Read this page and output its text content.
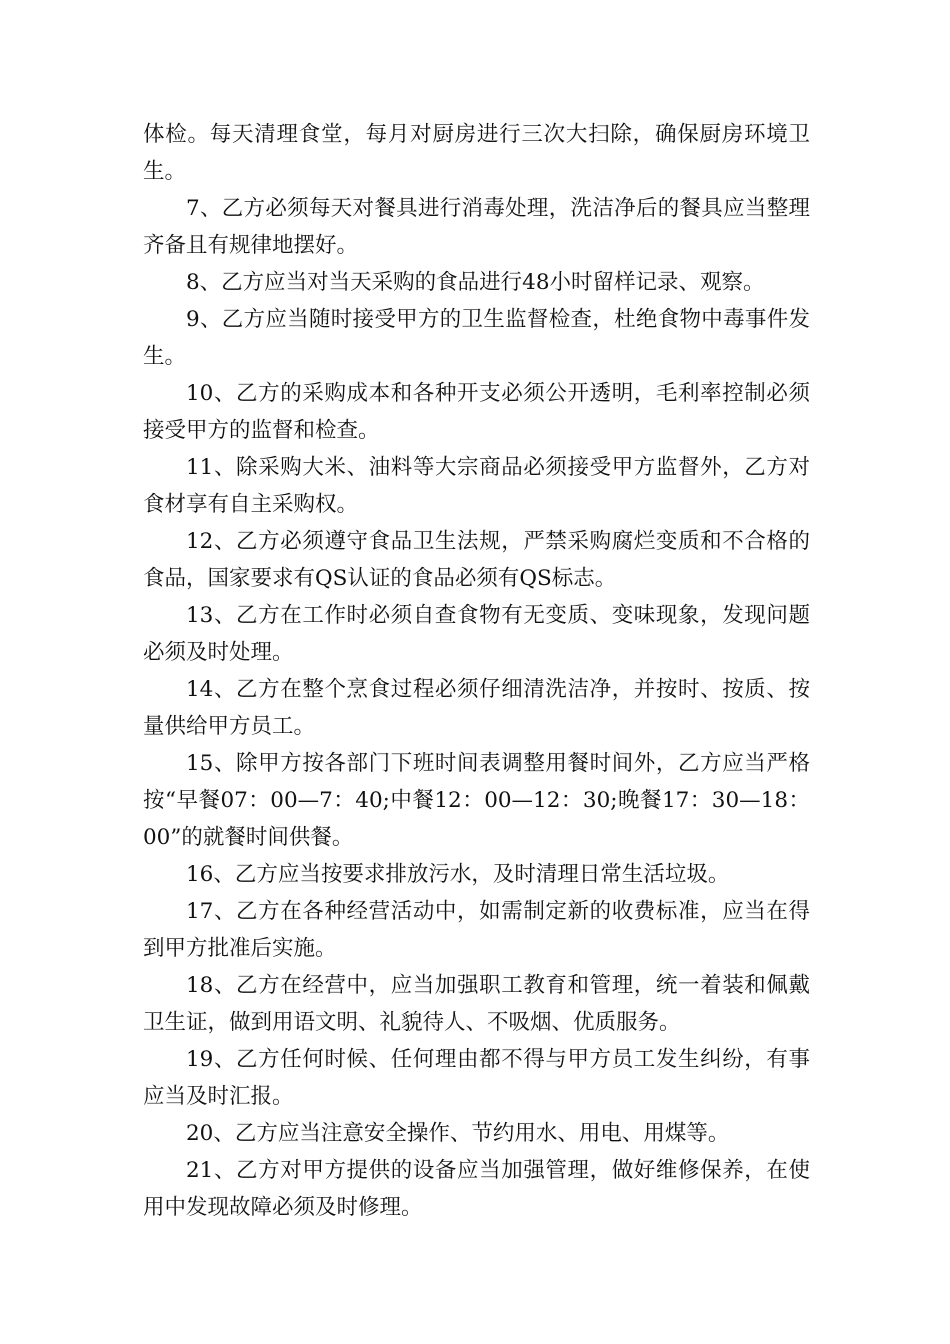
体检。每天清理食堂，每月对厨房进行三次大扫除，确保厨房环境卫生。

7、乙方必须每天对餐具进行消毒处理，洗洁净后的餐具应当整理齐备且有规律地摆好。

8、乙方应当对当天采购的食品进行48小时留样记录、观察。

9、乙方应当随时接受甲方的卫生监督检查，杜绝食物中毒事件发生。

10、乙方的采购成本和各种开支必须公开透明，毛利率控制必须接受甲方的监督和检查。

11、除采购大米、油料等大宗商品必须接受甲方监督外，乙方对食材享有自主采购权。

12、乙方必须遵守食品卫生法规，严禁采购腐烂变质和不合格的食品，国家要求有QS认证的食品必须有QS标志。

13、乙方在工作时必须自查食物有无变质、变味现象，发现问题必须及时处理。

14、乙方在整个烹食过程必须仔细清洗洁净，并按时、按质、按量供给甲方员工。

15、除甲方按各部门下班时间表调整用餐时间外，乙方应当严格按“早餐07：00—7：40;中餐12：00—12：30;晚餐17：30—18：00”的就餐时间供餐。

16、乙方应当按要求排放污水，及时清理日常生活垃圾。

17、乙方在各种经营活动中，如需制定新的收费标准，应当在得到甲方批准后实施。

18、乙方在经营中，应当加强职工教育和管理，统一着装和佩戴卫生证，做到用语文明、礼貌待人、不吸烟、优质服务。

19、乙方任何时候、任何理由都不得与甲方员工发生纠纷，有事应当及时汇报。

20、乙方应当注意安全操作、节约用水、用电、用煤等。

21、乙方对甲方提供的设备应当加强管理，做好维修保养，在使用中发现故障必须及时修理。
